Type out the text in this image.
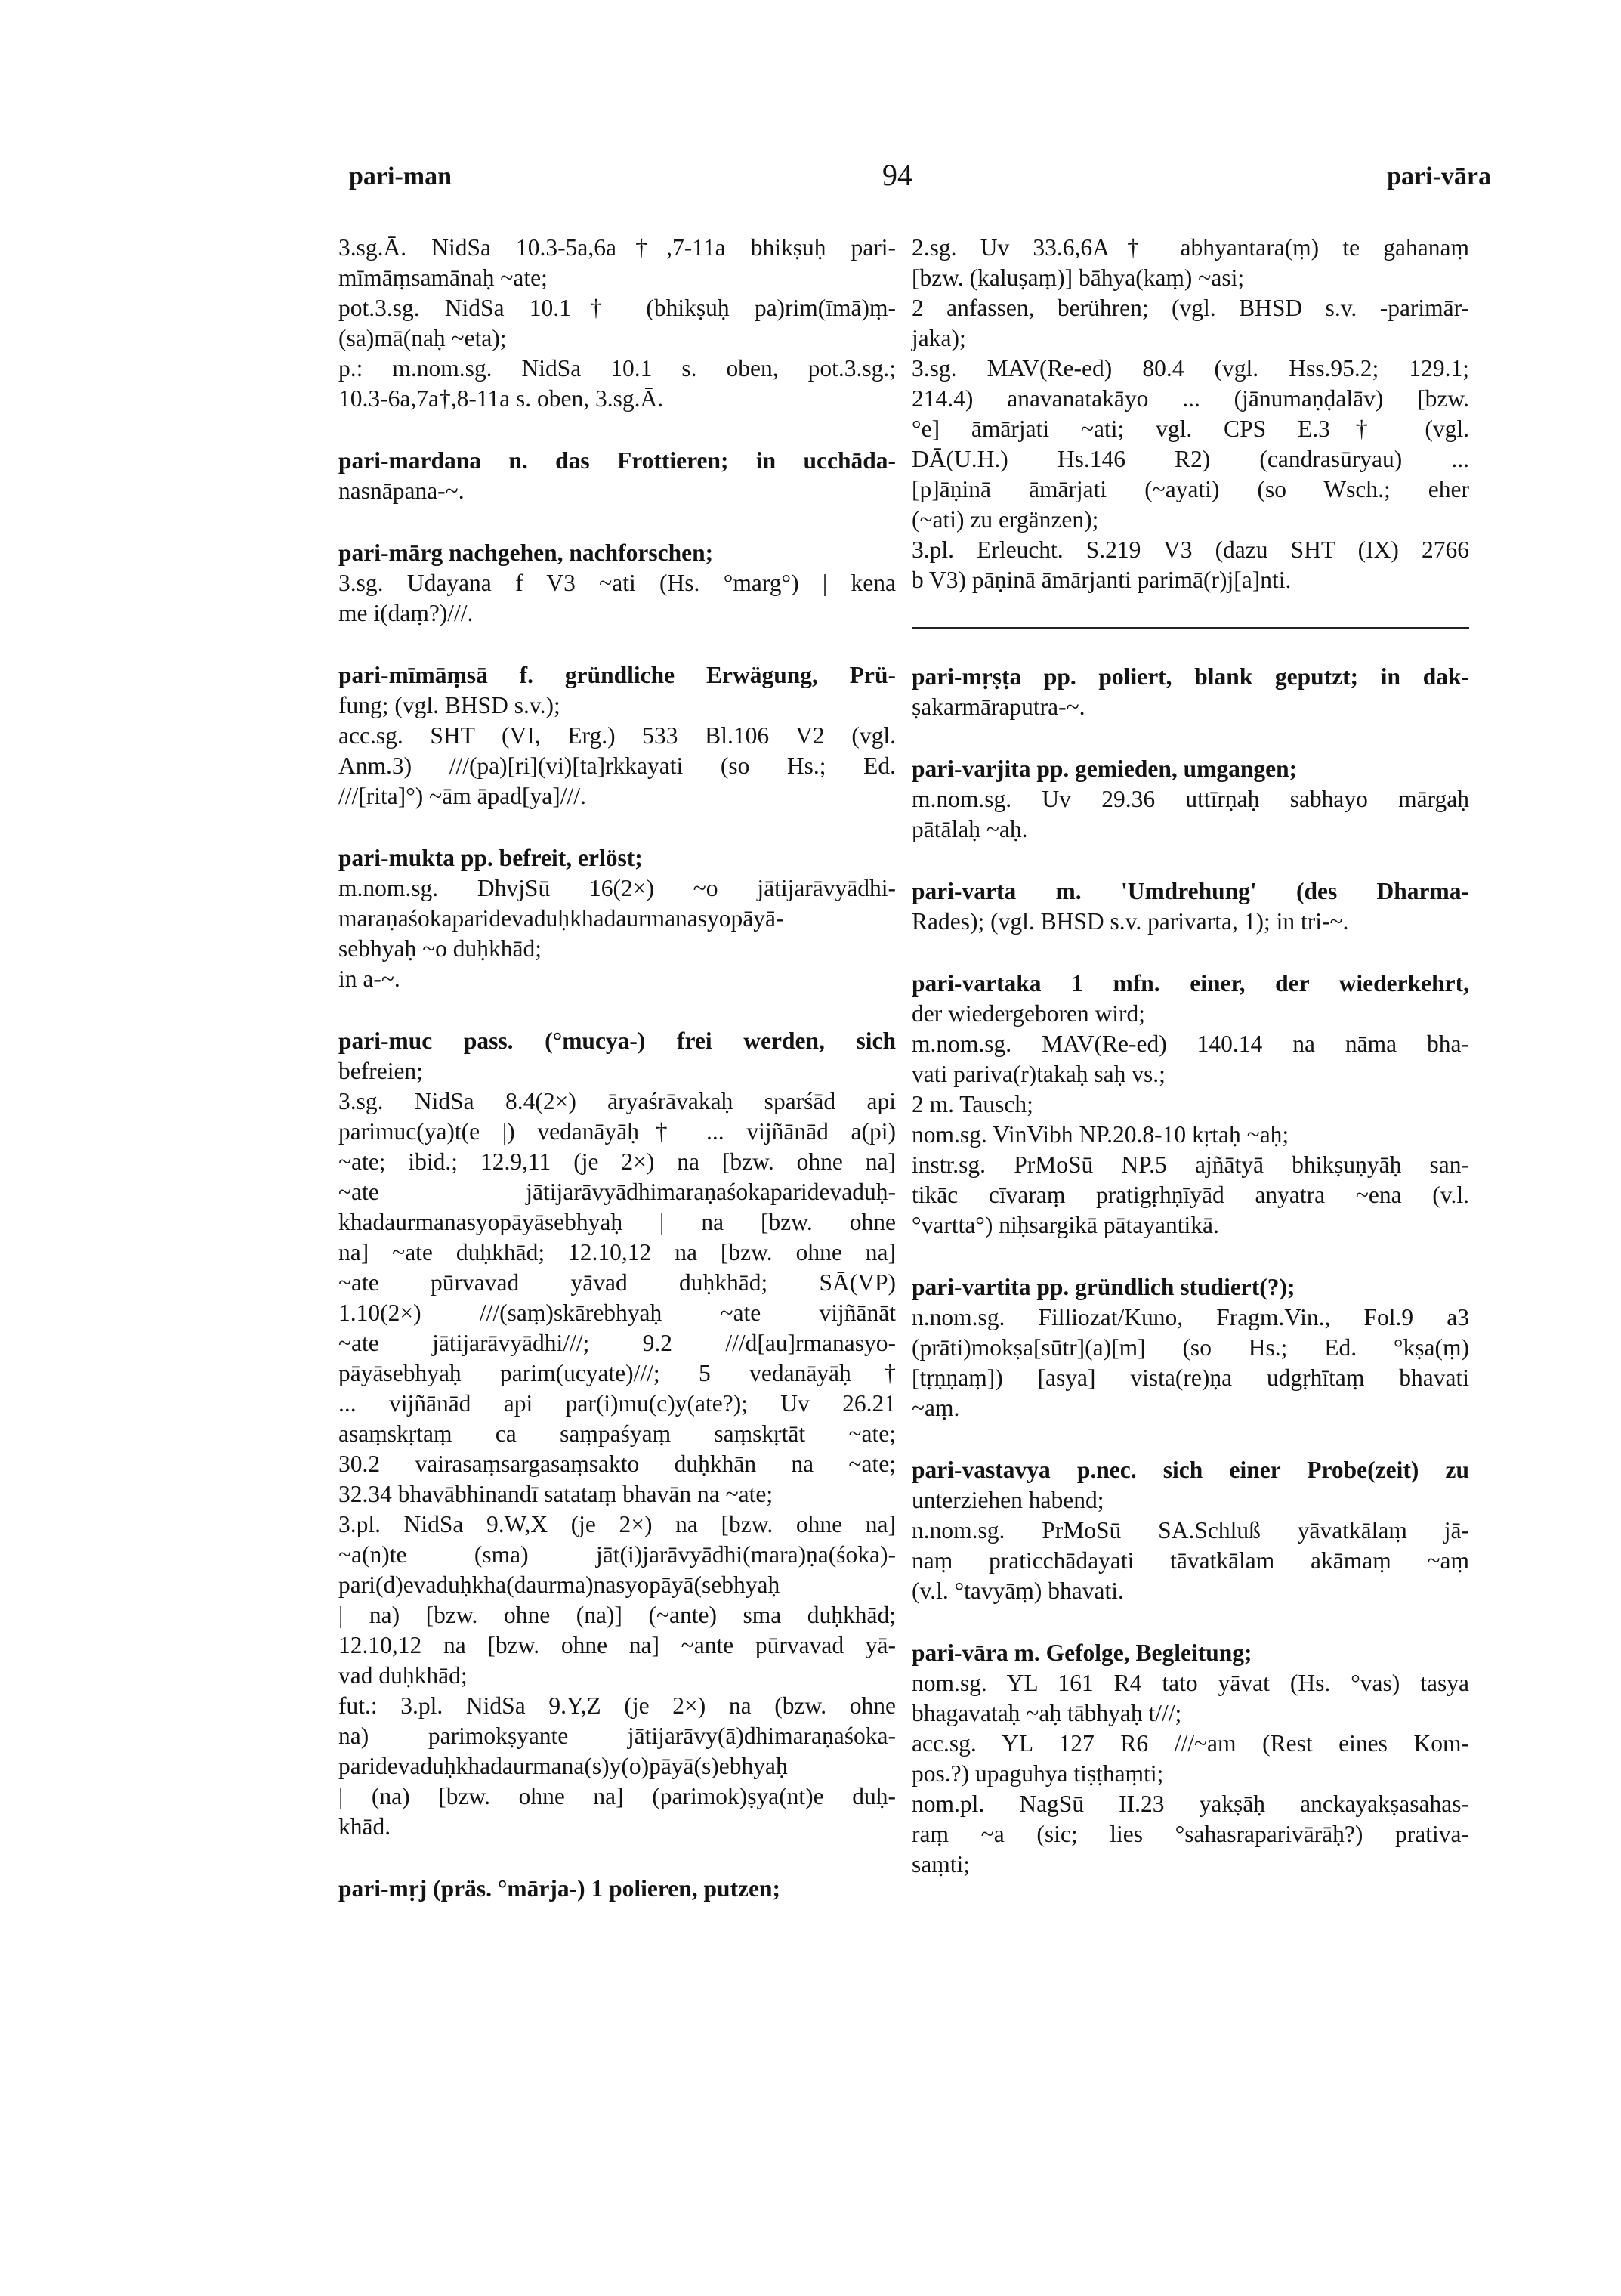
pari-man	94	pari-vāra
3.sg.Ā. NidSa 10.3-5a,6a†,7-11a bhikṣuḥ pari-
mīmāṃsamānaḥ ~ate;
pot.3.sg. NidSa 10.1† (bhikṣuḥ pa)rim(īmā)ṃ-
(sa)mā(naḥ ~eta);
p.: m.nom.sg. NidSa 10.1 s. oben, pot.3.sg.;
10.3-6a,7a†,8-11a s. oben, 3.sg.Ā.
pari-mardana n. das Frottieren; in ucchāda-
nasnāpana-~.
pari-mārg nachgehen, nachforschen;
3.sg. Udayana f V3 ~ati (Hs. °marg°) | kena
me i(daṃ?)///.
pari-mīmāṃsā f. gründliche Erwägung, Prü-
fung; (vgl. BHSD s.v.);
acc.sg. SHT (VI, Erg.) 533 Bl.106 V2 (vgl.
Anm.3) ///(pa)[ri](vi)[ta]rkkayati (so Hs.; Ed.
///[rita]°) ~ām āpad[ya]///.
pari-mukta pp. befreit, erlöst;
m.nom.sg. DhvjSū 16(2×) ~o jātijarāvyādhi-
maraṇaśokaparidevaduḥkhadaurmanasyopāyā-
sebhyaḥ ~o duḥkhād;
in a-~.
pari-muc pass. (°mucya-) frei werden, sich
befreien;
3.sg. NidSa 8.4(2×) āryaśrāvakaḥ sparśād api
parimuc(ya)t(e |) vedanāyāḥ† ... vijñānād a(pi)
~ate; ibid.; 12.9,11 (je 2×) na [bzw. ohne na]
~ate jātijarāvyādhimaraṇaśokaparidevaduḥ-
khadaurmanasyopāyāsebhyaḥ | na [bzw. ohne
na] ~ate duḥkhād; 12.10,12 na [bzw. ohne na]
~ate pūrvavad yāvad duḥkhād; SĀ(VP)
1.10(2×) ///(saṃ)skārebhyaḥ ~ate vijñānāt
~ate jātijarāvyādhi///; 9.2 ///d[au]rmanasyo-
pāyāsebhyaḥ parim(ucyate)///; 5 vedanāyāḥ†
... vijñānād api par(i)mu(c)y(ate?); Uv 26.21
asaṃskṛtaṃ ca saṃpaśyaṃ saṃskṛtāt ~ate;
30.2 vairasaṃsargasaṃsakto duḥkhān na ~ate;
32.34 bhavābhinandī satataṃ bhavān na ~ate;
3.pl. NidSa 9.W,X (je 2×) na [bzw. ohne na]
~a(n)te (sma) jāt(i)jarāvyādhi(mara)ṇa(śoka)-
pari(d)evaduḥkha(daurma)nasyopāyā(sebhyaḥ
| na) [bzw. ohne (na)] (~ante) sma duḥkhād;
12.10,12 na [bzw. ohne na] ~ante pūrvavad yā-
vad duḥkhād;
fut.: 3.pl. NidSa 9.Y,Z (je 2×) na (bzw. ohne
na) parimokṣyante jātijarāvy(ā)dhimaraṇaśoka-
paridevaduḥkhadaurmana(s)y(o)pāyā(s)ebhyaḥ
| (na) [bzw. ohne na] (parimok)ṣya(nt)e duḥ-
khād.
pari-mṛj (präs. °mārja-) 1 polieren, putzen;
2.sg. Uv 33.6,6A† abhyantara(ṃ) te gahanaṃ
[bzw. (kaluṣaṃ)] bāhya(kaṃ) ~asi;
2 anfassen, berühren; (vgl. BHSD s.v. -parimār-
jaka);
3.sg. MAV(Re-ed) 80.4 (vgl. Hss.95.2; 129.1;
214.4) anavanatakāyo ... (jānumaṇḍalāv) [bzw.
°e] āmārjati ~ati; vgl. CPS E.3† (vgl.
DĀ(U.H.) Hs.146 R2) (candrasūryau) ...
[p]āṇinā āmārjati (~ayati) (so Wsch.; eher
(~ati) zu ergänzen);
3.pl. Erleucht. S.219 V3 (dazu SHT (IX) 2766
b V3) pāṇinā āmārjanti parimā(r)j[a]nti.
pari-mṛṣṭa pp. poliert, blank geputzt; in dak-
ṣakarmāraputra-~.
pari-varjita pp. gemieden, umgangen;
m.nom.sg. Uv 29.36 uttīrṇaḥ sabhayo mārgaḥ
pātālaḥ ~aḥ.
pari-varta m. 'Umdrehung' (des Dharma-
Rades); (vgl. BHSD s.v. parivarta, 1); in tri-~.
pari-vartaka 1 mfn. einer, der wiederkehrt,
der wiedergeboren wird;
m.nom.sg. MAV(Re-ed) 140.14 na nāma bha-
vati pariva(r)takaḥ saḥ vs.;
2 m. Tausch;
nom.sg. VinVibh NP.20.8-10 kṛtaḥ ~aḥ;
instr.sg. PrMoSū NP.5 ajñātyā bhikṣuṇyāḥ san-
tikāc cīvaraṃ pratigṛhṇīyād anyatra ~ena (v.l.
°vartta°) niḥsargikā pātayantikā.
pari-vartita pp. gründlich studiert(?);
n.nom.sg. Filliozat/Kuno, Fragm.Vin., Fol.9 a3
(prāti)mokṣa[sūtr](a)[m] (so Hs.; Ed. °kṣa(ṃ)
[tṛṇṇaṃ]) [asya] vista(re)ṇa udgṛhītaṃ bhavati
~aṃ.
pari-vastavya p.nec. sich einer Probe(zeit) zu
unterziehen habend;
n.nom.sg. PrMoSū SA.Schluß yāvatkālaṃ jā-
naṃ praticchādayati tāvatkālam akāmaṃ ~aṃ
(v.l. °tavyāṃ) bhavati.
pari-vāra m. Gefolge, Begleitung;
nom.sg. YL 161 R4 tato yāvat (Hs. °vas) tasya
bhagavataḥ ~aḥ tābhyaḥ t///;
acc.sg. YL 127 R6 ///~am (Rest eines Kom-
pos.?) upaguhya tiṣṭhaṃti;
nom.pl. NagSū II.23 yakṣāḥ anckayakṣasahas-
raṃ ~a (sic; lies °sahasraparivārāḥ?) prativa-
saṃti;
